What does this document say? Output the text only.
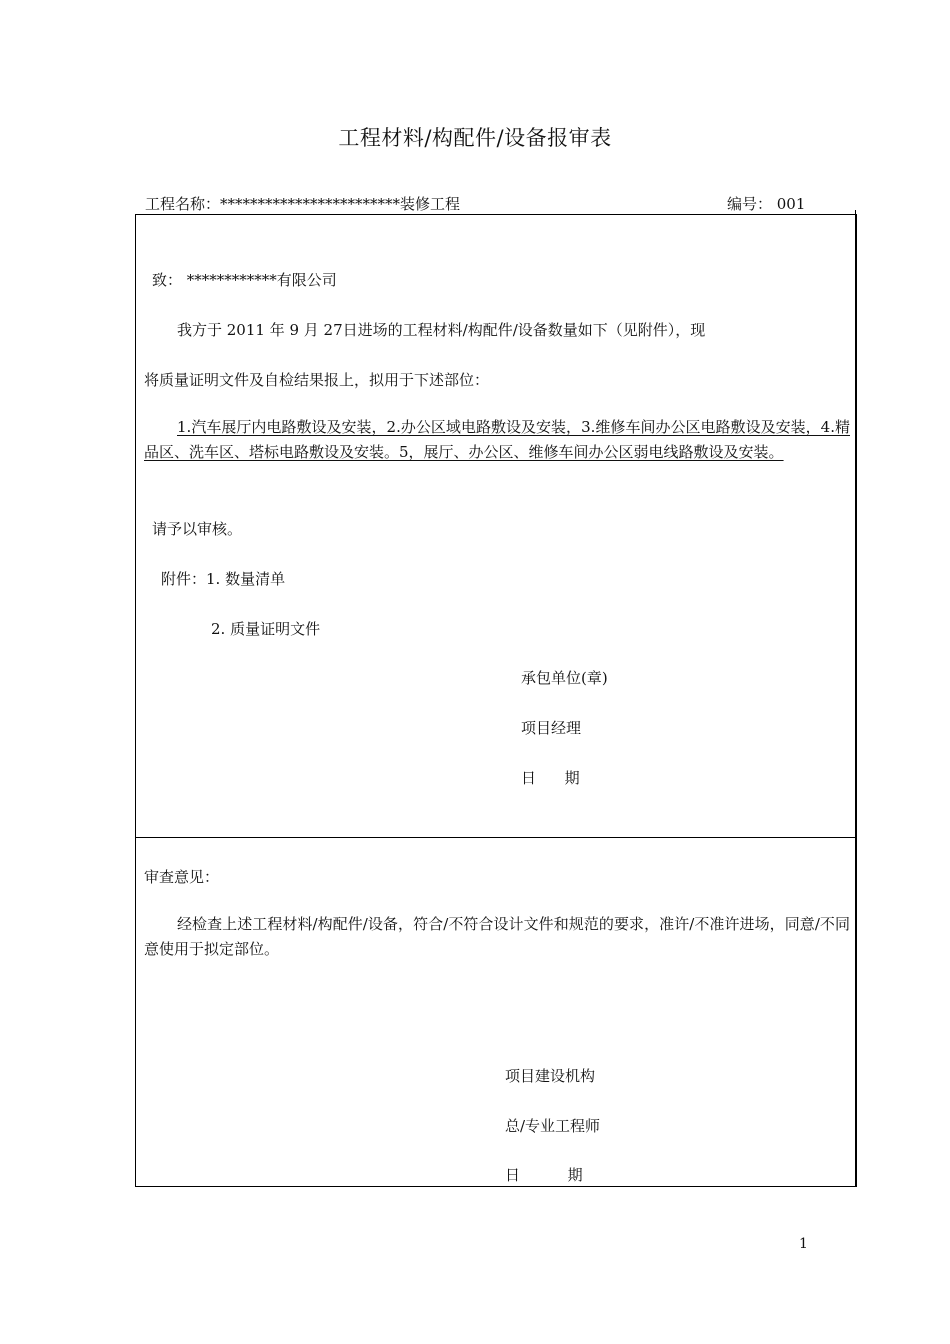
工程材料/构配件/设备报审表
工程名称：************************装修工程	编号： 001
致： ************有限公司
我方于 2011 年 9 月 27日进场的工程材料/构配件/设备数量如下（见附件），现
将质量证明文件及自检结果报上，拟用于下述部位：
1.汽车展厅内电路敷设及安装，2.办公区域电路敷设及安装，3.维修车间办公区电路敷设及安装，4.精品区、洗车区、塔标电路敷设及安装。5，展厅、办公区、维修车间办公区弱电线路敷设及安装。
请予以审核。
附件：1. 数量清单
2. 质量证明文件
承包单位(章)
项目经理
日      期
审查意见：
经检查上述工程材料/构配件/设备，符合/不符合设计文件和规范的要求，准许/不准许进场，同意/不同意使用于拟定部位。
项目建设机构
总/专业工程师
日          期
1
